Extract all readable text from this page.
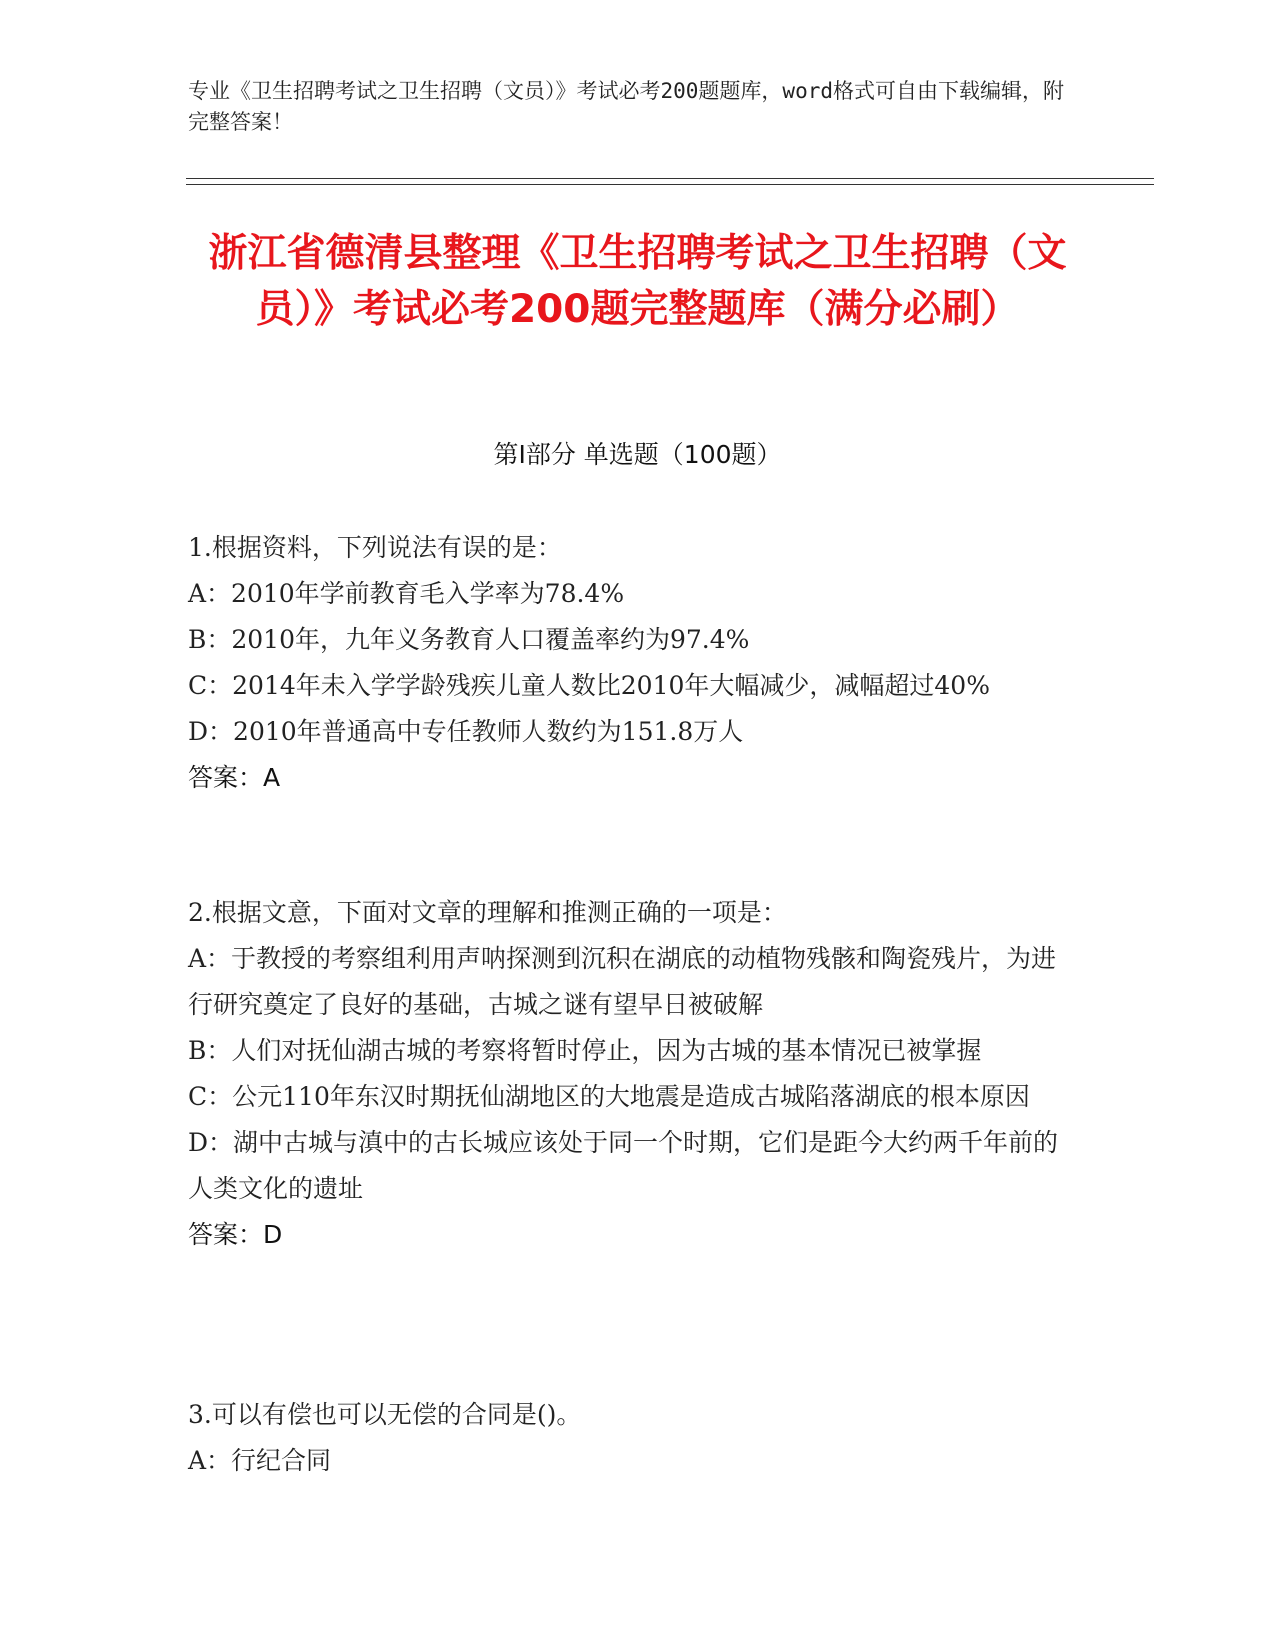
专业《卫生招聘考试之卫生招聘（文员）》考试必考200题题库，word格式可自由下载编辑，附完整答案！
浙江省德清县整理《卫生招聘考试之卫生招聘（文员）》考试必考200题完整题库（满分必刷）
第Ⅰ部分 单选题（100题）
1.根据资料，下列说法有误的是：
A：2010年学前教育毛入学率为78.4%
B：2010年，九年义务教育人口覆盖率约为97.4%
C：2014年未入学学龄残疾儿童人数比2010年大幅减少，减幅超过40%
D：2010年普通高中专任教师人数约为151.8万人
答案：A
2.根据文意，下面对文章的理解和推测正确的一项是：
A：于教授的考察组利用声呐探测到沉积在湖底的动植物残骸和陶瓷残片，为进行研究奠定了良好的基础，古城之谜有望早日被破解
B：人们对抚仙湖古城的考察将暂时停止，因为古城的基本情况已被掌握
C：公元110年东汉时期抚仙湖地区的大地震是造成古城陷落湖底的根本原因
D：湖中古城与滇中的古长城应该处于同一个时期，它们是距今大约两千年前的人类文化的遗址
答案：D
3.可以有偿也可以无偿的合同是()。
A：行纪合同
